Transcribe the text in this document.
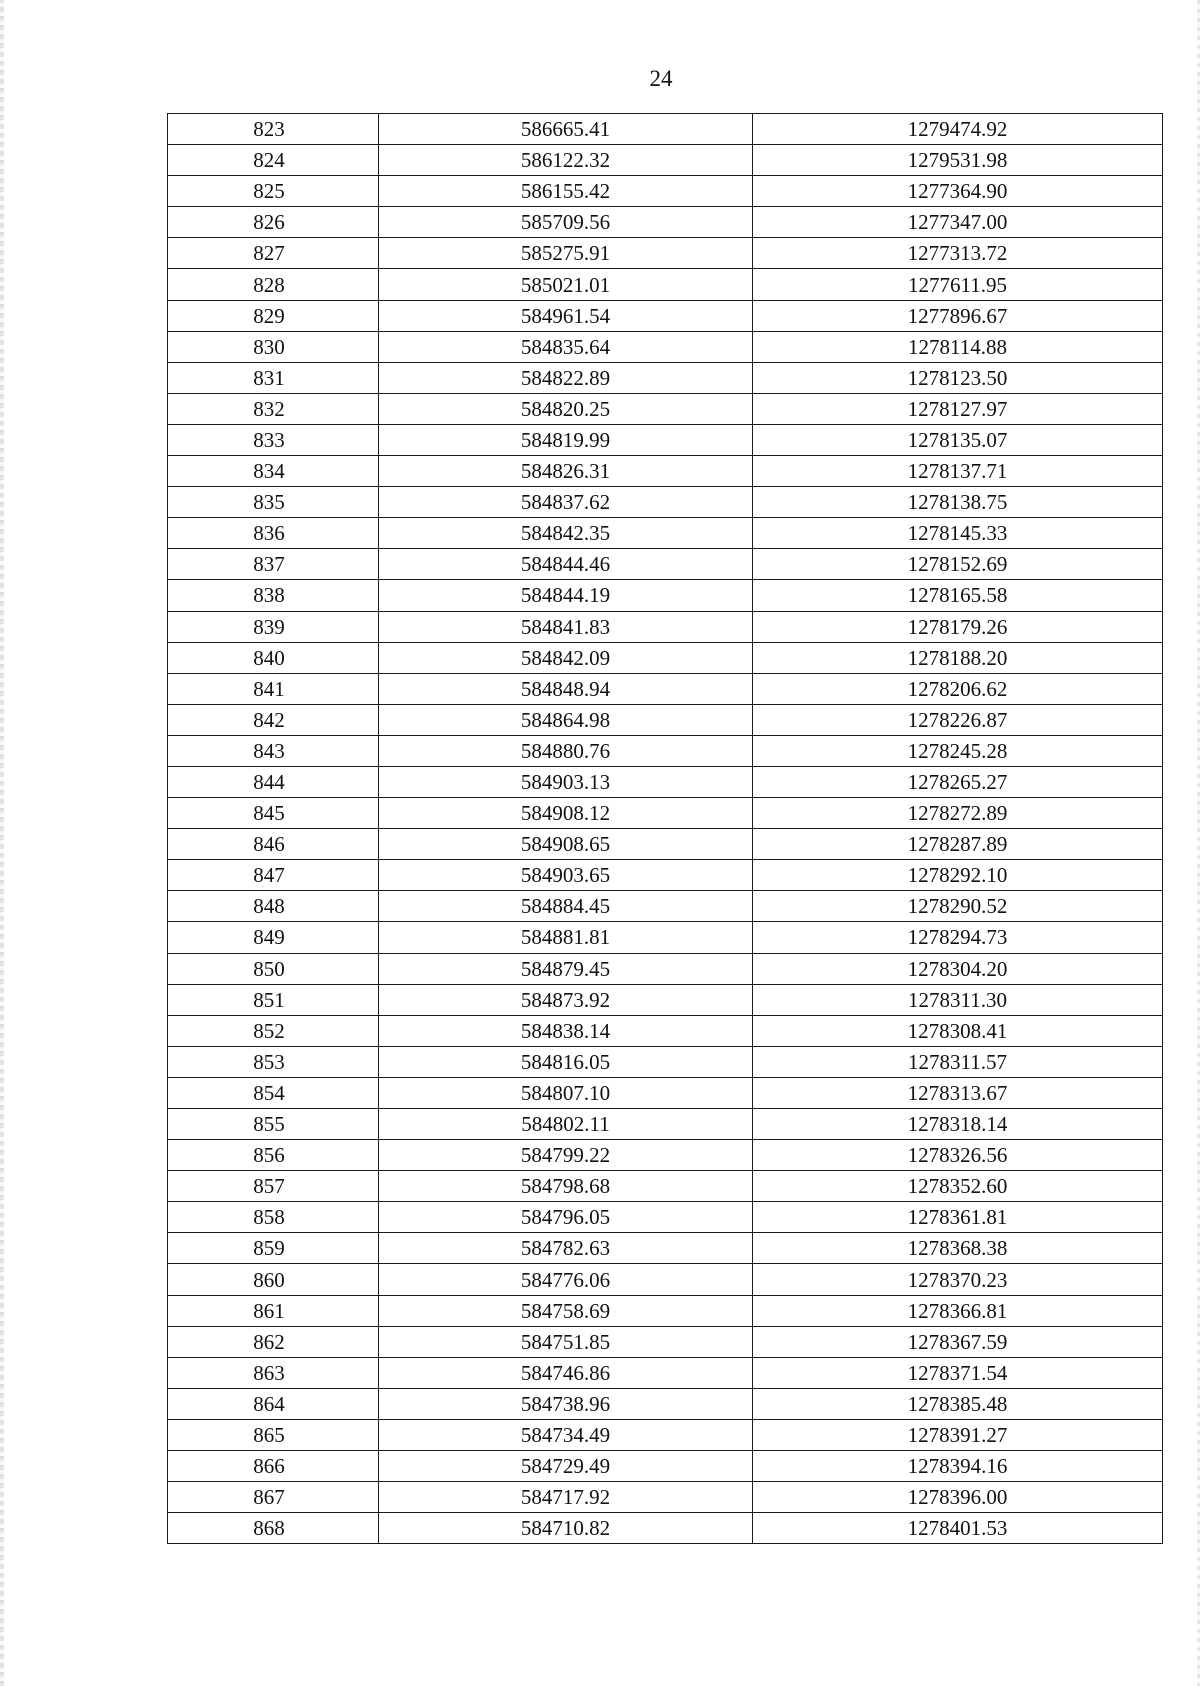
24
823	586665.41	1279474.92
824	586122.32	1279531.98
825	586155.42	1277364.90
826	585709.56	1277347.00
827	585275.91	1277313.72
828	585021.01	1277611.95
829	584961.54	1277896.67
830	584835.64	1278114.88
831	584822.89	1278123.50
832	584820.25	1278127.97
833	584819.99	1278135.07
834	584826.31	1278137.71
835	584837.62	1278138.75
836	584842.35	1278145.33
837	584844.46	1278152.69
838	584844.19	1278165.58
839	584841.83	1278179.26
840	584842.09	1278188.20
841	584848.94	1278206.62
842	584864.98	1278226.87
843	584880.76	1278245.28
844	584903.13	1278265.27
845	584908.12	1278272.89
846	584908.65	1278287.89
847	584903.65	1278292.10
848	584884.45	1278290.52
849	584881.81	1278294.73
850	584879.45	1278304.20
851	584873.92	1278311.30
852	584838.14	1278308.41
853	584816.05	1278311.57
854	584807.10	1278313.67
855	584802.11	1278318.14
856	584799.22	1278326.56
857	584798.68	1278352.60
858	584796.05	1278361.81
859	584782.63	1278368.38
860	584776.06	1278370.23
861	584758.69	1278366.81
862	584751.85	1278367.59
863	584746.86	1278371.54
864	584738.96	1278385.48
865	584734.49	1278391.27
866	584729.49	1278394.16
867	584717.92	1278396.00
868	584710.82	1278401.53
